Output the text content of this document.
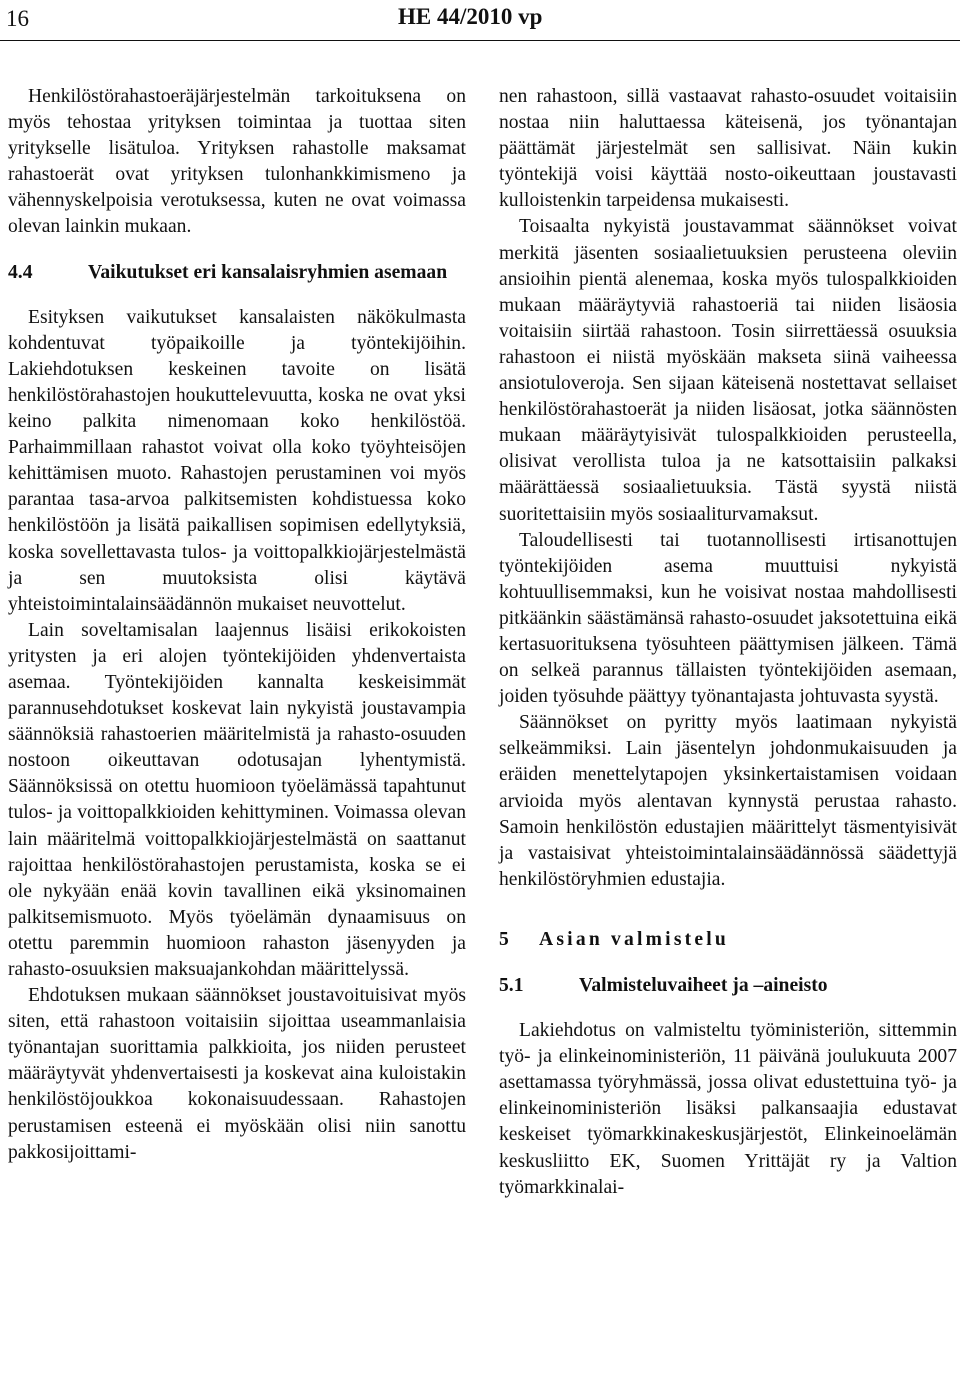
16	HE 44/2010 vp

Henkilöstörahastoeräjärjestelmän tarkoituksena on myös tehostaa yrityksen toimintaa ja tuottaa siten yritykselle lisätuloa. Yrityksen rahastolle maksamat rahastoerät ovat yrityksen tulonhankkimismeno ja vähennyskelpoisia verotuksessa, kuten ne ovat voimassa olevan lainkin mukaan.

4.4	Vaikutukset eri kansalaisryhmien asemaan

Esityksen vaikutukset kansalaisten näkökulmasta kohdentuvat työpaikoille ja työntekijöihin. Lakiehdotuksen keskeinen tavoite on lisätä henkilöstörahastojen houkuttelevuutta, koska ne ovat yksi keino palkita nimenomaan koko henkilöstöä. Parhaimmillaan rahastot voivat olla koko työyhteisöjen kehittämisen muoto. Rahastojen perustaminen voi myös parantaa tasa-arvoa palkitsemisten kohdistuessa koko henkilöstöön ja lisätä paikallisen sopimisen edellytyksiä, koska sovellettavasta tulos- ja voittopalkkiojärjestelmästä ja sen muutoksista olisi käytävä yhteistoimintalainsäädännön mukaiset neuvottelut.

Lain soveltamisalan laajennus lisäisi erikokoisten yritysten ja eri alojen työntekijöiden yhdenvertaista asemaa. Työntekijöiden kannalta keskeisimmät parannusehdotukset koskevat lain nykyistä joustavampia säännöksiä rahastoerien määritelmistä ja rahasto-osuuden nostoon oikeuttavan odotusajan lyhentymistä. Säännöksissä on otettu huomioon työelämässä tapahtunut tulos- ja voittopalkkioiden kehittyminen. Voimassa olevan lain määritelmä voittopalkkiojärjestelmästä on saattanut rajoittaa henkilöstörahastojen perustamista, koska se ei ole nykyään enää kovin tavallinen eikä yksinomainen palkitsemismuoto. Myös työelämän dynaamisuus on otettu paremmin huomioon rahaston jäsenyyden ja rahasto-osuuksien maksuajankohdan määrittelyssä.

Ehdotuksen mukaan säännökset joustavoituisivat myös siten, että rahastoon voitaisiin sijoittaa useammanlaisia työnantajan suorittamia palkkioita, jos niiden perusteet määräytyvät yhdenvertaisesti ja koskevat aina kuloistakin henkilöstöjoukkoa kokonaisuudessaan. Rahastojen perustamisen esteenä ei myöskään olisi niin sanottu pakkosijoittami-

nen rahastoon, sillä vastaavat rahasto-osuudet voitaisiin nostaa niin haluttaessa käteisenä, jos työnantajan päättämät järjestelmät sen sallisivat. Näin kukin työntekijä voisi käyttää nosto-oikeuttaan joustavasti kulloistenkin tarpeidensa mukaisesti.

Toisaalta nykyistä joustavammat säännökset voivat merkitä jäsenten sosiaalietuuksien perusteena oleviin ansioihin pientä alenemaa, koska myös tulospalkkioiden mukaan määräytyviä rahastoeriä tai niiden lisäosia voitaisiin siirtää rahastoon. Tosin siirrettäessä osuuksia rahastoon ei niistä myöskään makseta siinä vaiheessa ansiotuloveroja. Sen sijaan käteisenä nostettavat sellaiset henkilöstörahastoerät ja niiden lisäosat, jotka säännösten mukaan määräytyisivät tulospalkkioiden perusteella, olisivat verollista tuloa ja ne katsottaisiin palkaksi määrättäessä sosiaalietuuksia. Tästä syystä niistä suoritettaisiin myös sosiaaliturvamaksut.

Taloudellisesti tai tuotannollisesti irtisanottujen työntekijöiden asema muuttuisi nykyistä kohtuullisemmaksi, kun he voisivat nostaa mahdollisesti pitkäänkin säästämänsä rahasto-osuudet jaksotettuina eikä kertasuorituksena työsuhteen päättymisen jälkeen. Tämä on selkeä parannus tällaisten työntekijöiden asemaan, joiden työsuhde päättyy työnantajasta johtuvasta syystä.

Säännökset on pyritty myös laatimaan nykyistä selkeämmiksi. Lain jäsentelyn johdonmukaisuuden ja eräiden menettelytapojen yksinkertaistamisen voidaan arvioida myös alentavan kynnystä perustaa rahasto. Samoin henkilöstön edustajien määrittelyt täsmentyisivät ja vastaisivat yhteistoimintalainsäädännössä säädettyjä henkilöstöryhmien edustajia.

5	Asian valmistelu
5.1	Valmisteluvaiheet ja –aineisto

Lakiehdotus on valmisteltu työministeriön, sittemmin työ- ja elinkeinoministeriön, 11 päivänä joulukuuta 2007 asettamassa työryhmässä, jossa olivat edustettuina työ- ja elinkeinoministeriön lisäksi palkansaajia edustavat keskeiset työmarkkinakeskusjärjestöt, Elinkeinoelämän keskusliitto EK, Suomen Yrittäjät ry ja Valtion työmarkkinalai-
